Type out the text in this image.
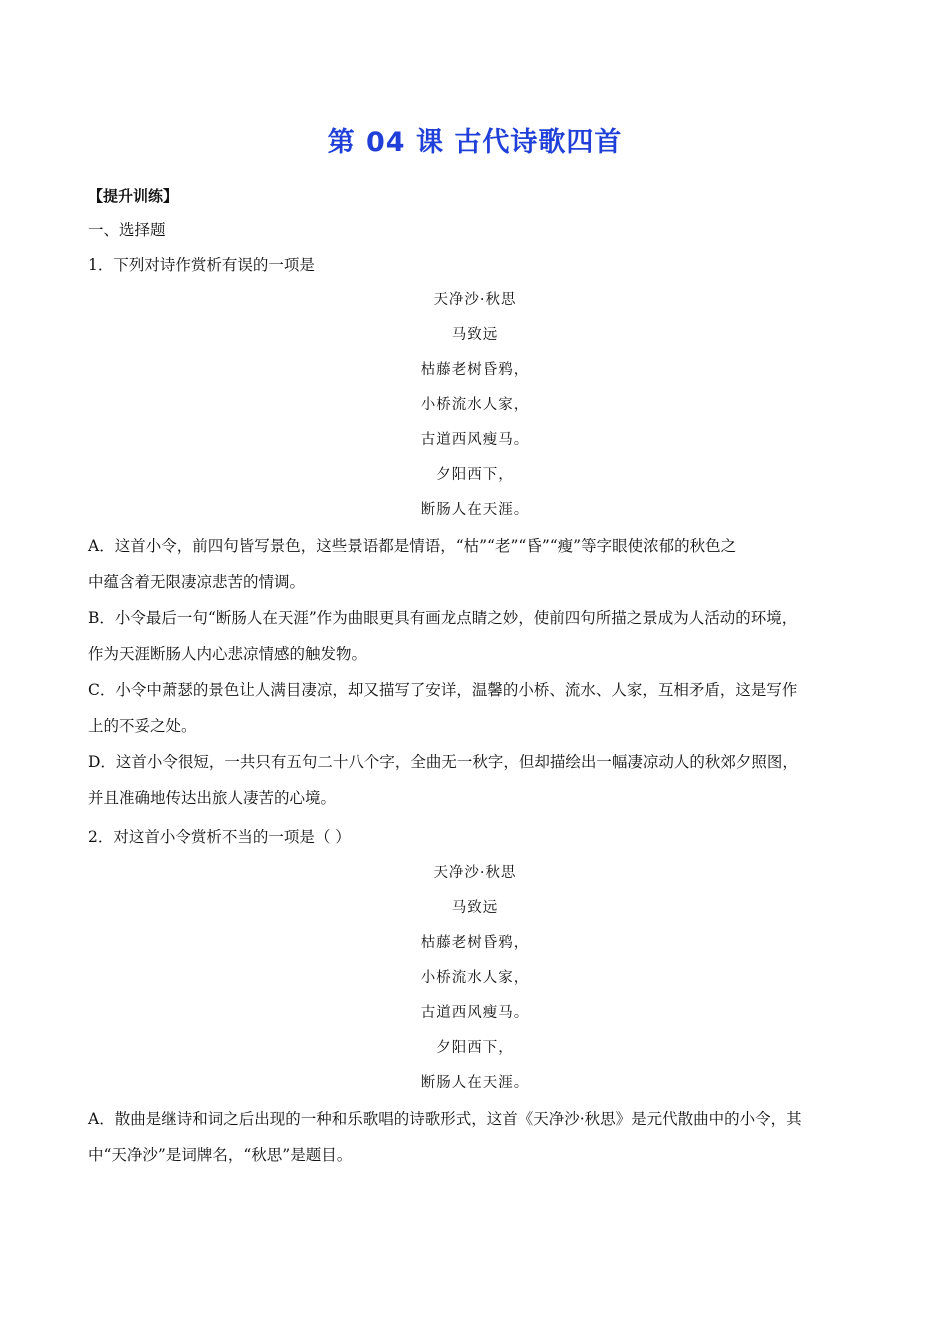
第 04 课 古代诗歌四首
【提升训练】
一、选择题
1．下列对诗作赏析有误的一项是
天净沙·秋思
马致远
枯藤老树昏鸦，
小桥流水人家，
古道西风瘦马。
夕阳西下，
断肠人在天涯。
A．这首小令，前四句皆写景色，这些景语都是情语，“枯”“老”“昏”“瘦”等字眼使浓郁的秋色之
中蕴含着无限凄凉悲苦的情调。
B．小令最后一句“断肠人在天涯”作为曲眼更具有画龙点睛之妙，使前四句所描之景成为人活动的环境，
作为天涯断肠人内心悲凉情感的触发物。
C．小令中萧瑟的景色让人满目凄凉，却又描写了安详，温馨的小桥、流水、人家，互相矛盾，这是写作
上的不妥之处。
D．这首小令很短，一共只有五句二十八个字，全曲无一秋字，但却描绘出一幅凄凉动人的秋郊夕照图，
并且准确地传达出旅人凄苦的心境。
2．对这首小令赏析不当的一项是（ ）
天净沙·秋思
马致远
枯藤老树昏鸦，
小桥流水人家，
古道西风瘦马。
夕阳西下，
断肠人在天涯。
A．散曲是继诗和词之后出现的一种和乐歌唱的诗歌形式，这首《天净沙·秋思》是元代散曲中的小令，其
中“天净沙”是词牌名，“秋思”是题目。
